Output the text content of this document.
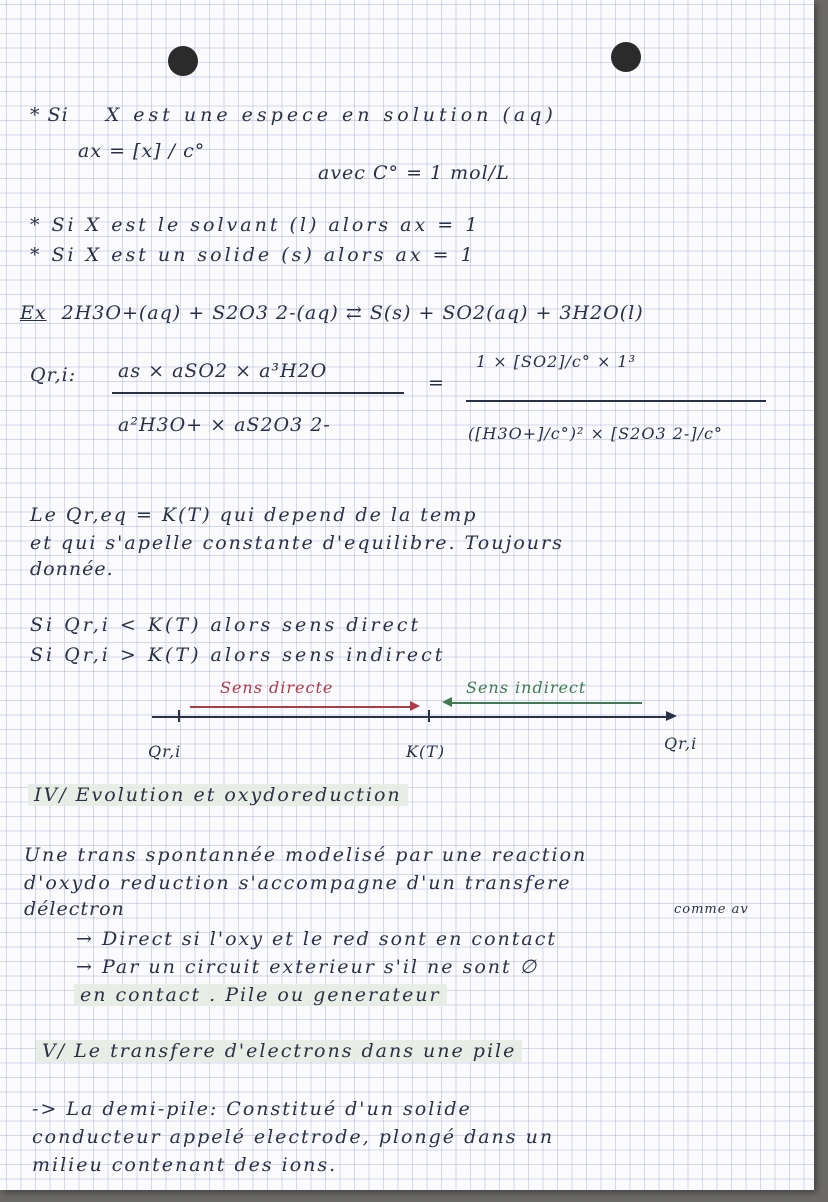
* Si X est une espece en solution (aq)
ax = [x] / c°
avec C° = 1 mol/L
* Si X est le solvant (l) alors ax = 1
* Si X est un solide (s) alors ax = 1
Ex 2H3O+(aq) + S2O3 2-(aq) ⇄ S(s) + SO2(aq) + 3H2O(l)
Qr,i: as × aSO2 × a³H2O
a²H3O+ × aS2O3 2-
=
1 × [SO2]/c° × 1³
([H3O+]/c°)² × [S2O3 2-]/c°
Le Qr,eq = K(T) qui depend de la temp
et qui s'apelle constante d'equilibre. Toujours
donnée.
Si Qr,i < K(T) alors sens direct
Si Qr,i > K(T) alors sens indirect
Sens directe	Sens indirect
Qr,i	K(T)	Qr,i
IV/ Evolution et oxydoreduction
Une trans spontannée modelisé par une reaction
d'oxydo reduction s'accompagne d'un transfere
délectron	comme av
→ Direct si l'oxy et le red sont en contact
→ Par un circuit exterieur s'il ne sont ∅
en contact . Pile ou generateur
V/ Le transfere d'electrons dans une pile
-> La demi-pile: Constitué d'un solide
conducteur appelé electrode, plongé dans un
milieu contenant des ions.
